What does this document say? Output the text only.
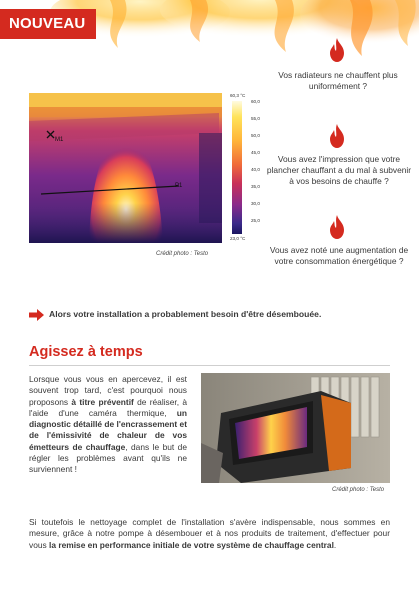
NOUVEAU
M1
P1
60,3 °C
60,0
55,0
50,0
45,0
40,0
35,0
30,0
25,0
23,0 °C
Crédit photo : Testo
Vos radiateurs ne chauffent plus uniformément ?
Vous avez l'impression que votre plancher chauffant a du mal à subvenir à vos besoins de chauffe ?
Vous avez noté une augmentation de votre consommation énergétique ?
Alors votre installation a probablement besoin d'être désembouée.
Agissez à temps
Lorsque vous vous en apercevez, il est souvent trop tard, c'est pourquoi nous proposons à titre préventif de réaliser, à l'aide d'une caméra thermique, un diagnostic détaillé de l'encrassement et de l'émissivité de chaleur de vos émetteurs de chauffage, dans le but de régler les problèmes avant qu'ils ne surviennent !
Crédit photo : Testo
Si toutefois le nettoyage complet de l'installation s'avère indispensable, nous sommes en mesure, grâce à notre pompe à désembouer et à nos produits de traitement, d'effectuer pour vous la remise en performance initiale de votre système de chauffage central.
